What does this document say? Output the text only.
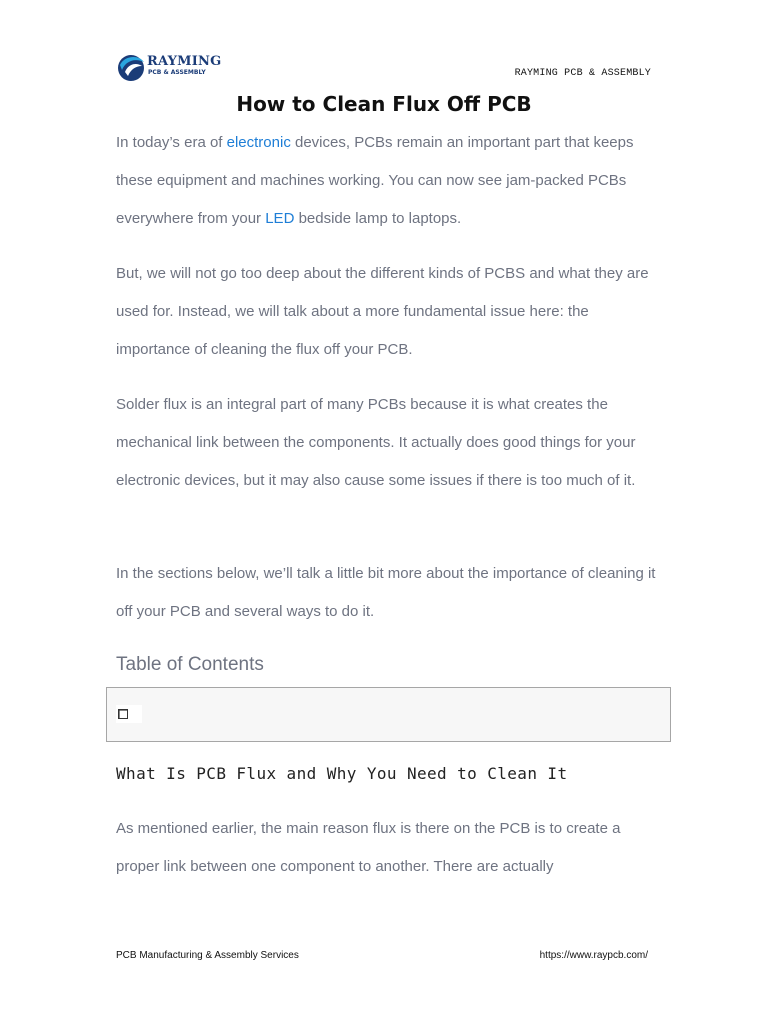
RAYMING
PCB & ASSEMBLY	RAYMING PCB & ASSEMBLY
How to Clean Flux Off PCB

In today’s era of electronic devices, PCBs remain an important part that keeps these equipment and machines working. You can now see jam-packed PCBs everywhere from your LED bedside lamp to laptops.

But, we will not go too deep about the different kinds of PCBS and what they are used for. Instead, we will talk about a more fundamental issue here: the importance of cleaning the flux off your PCB.

Solder flux is an integral part of many PCBs because it is what creates the mechanical link between the components. It actually does good things for your electronic devices, but it may also cause some issues if there is too much of it.

In the sections below, we’ll talk a little bit more about the importance of cleaning it off your PCB and several ways to do it.

Table of Contents
What Is PCB Flux and Why You Need to Clean It

As mentioned earlier, the main reason flux is there on the PCB is to create a proper link between one component to another. There are actually

PCB Manufacturing & Assembly Services	https://www.raypcb.com/
